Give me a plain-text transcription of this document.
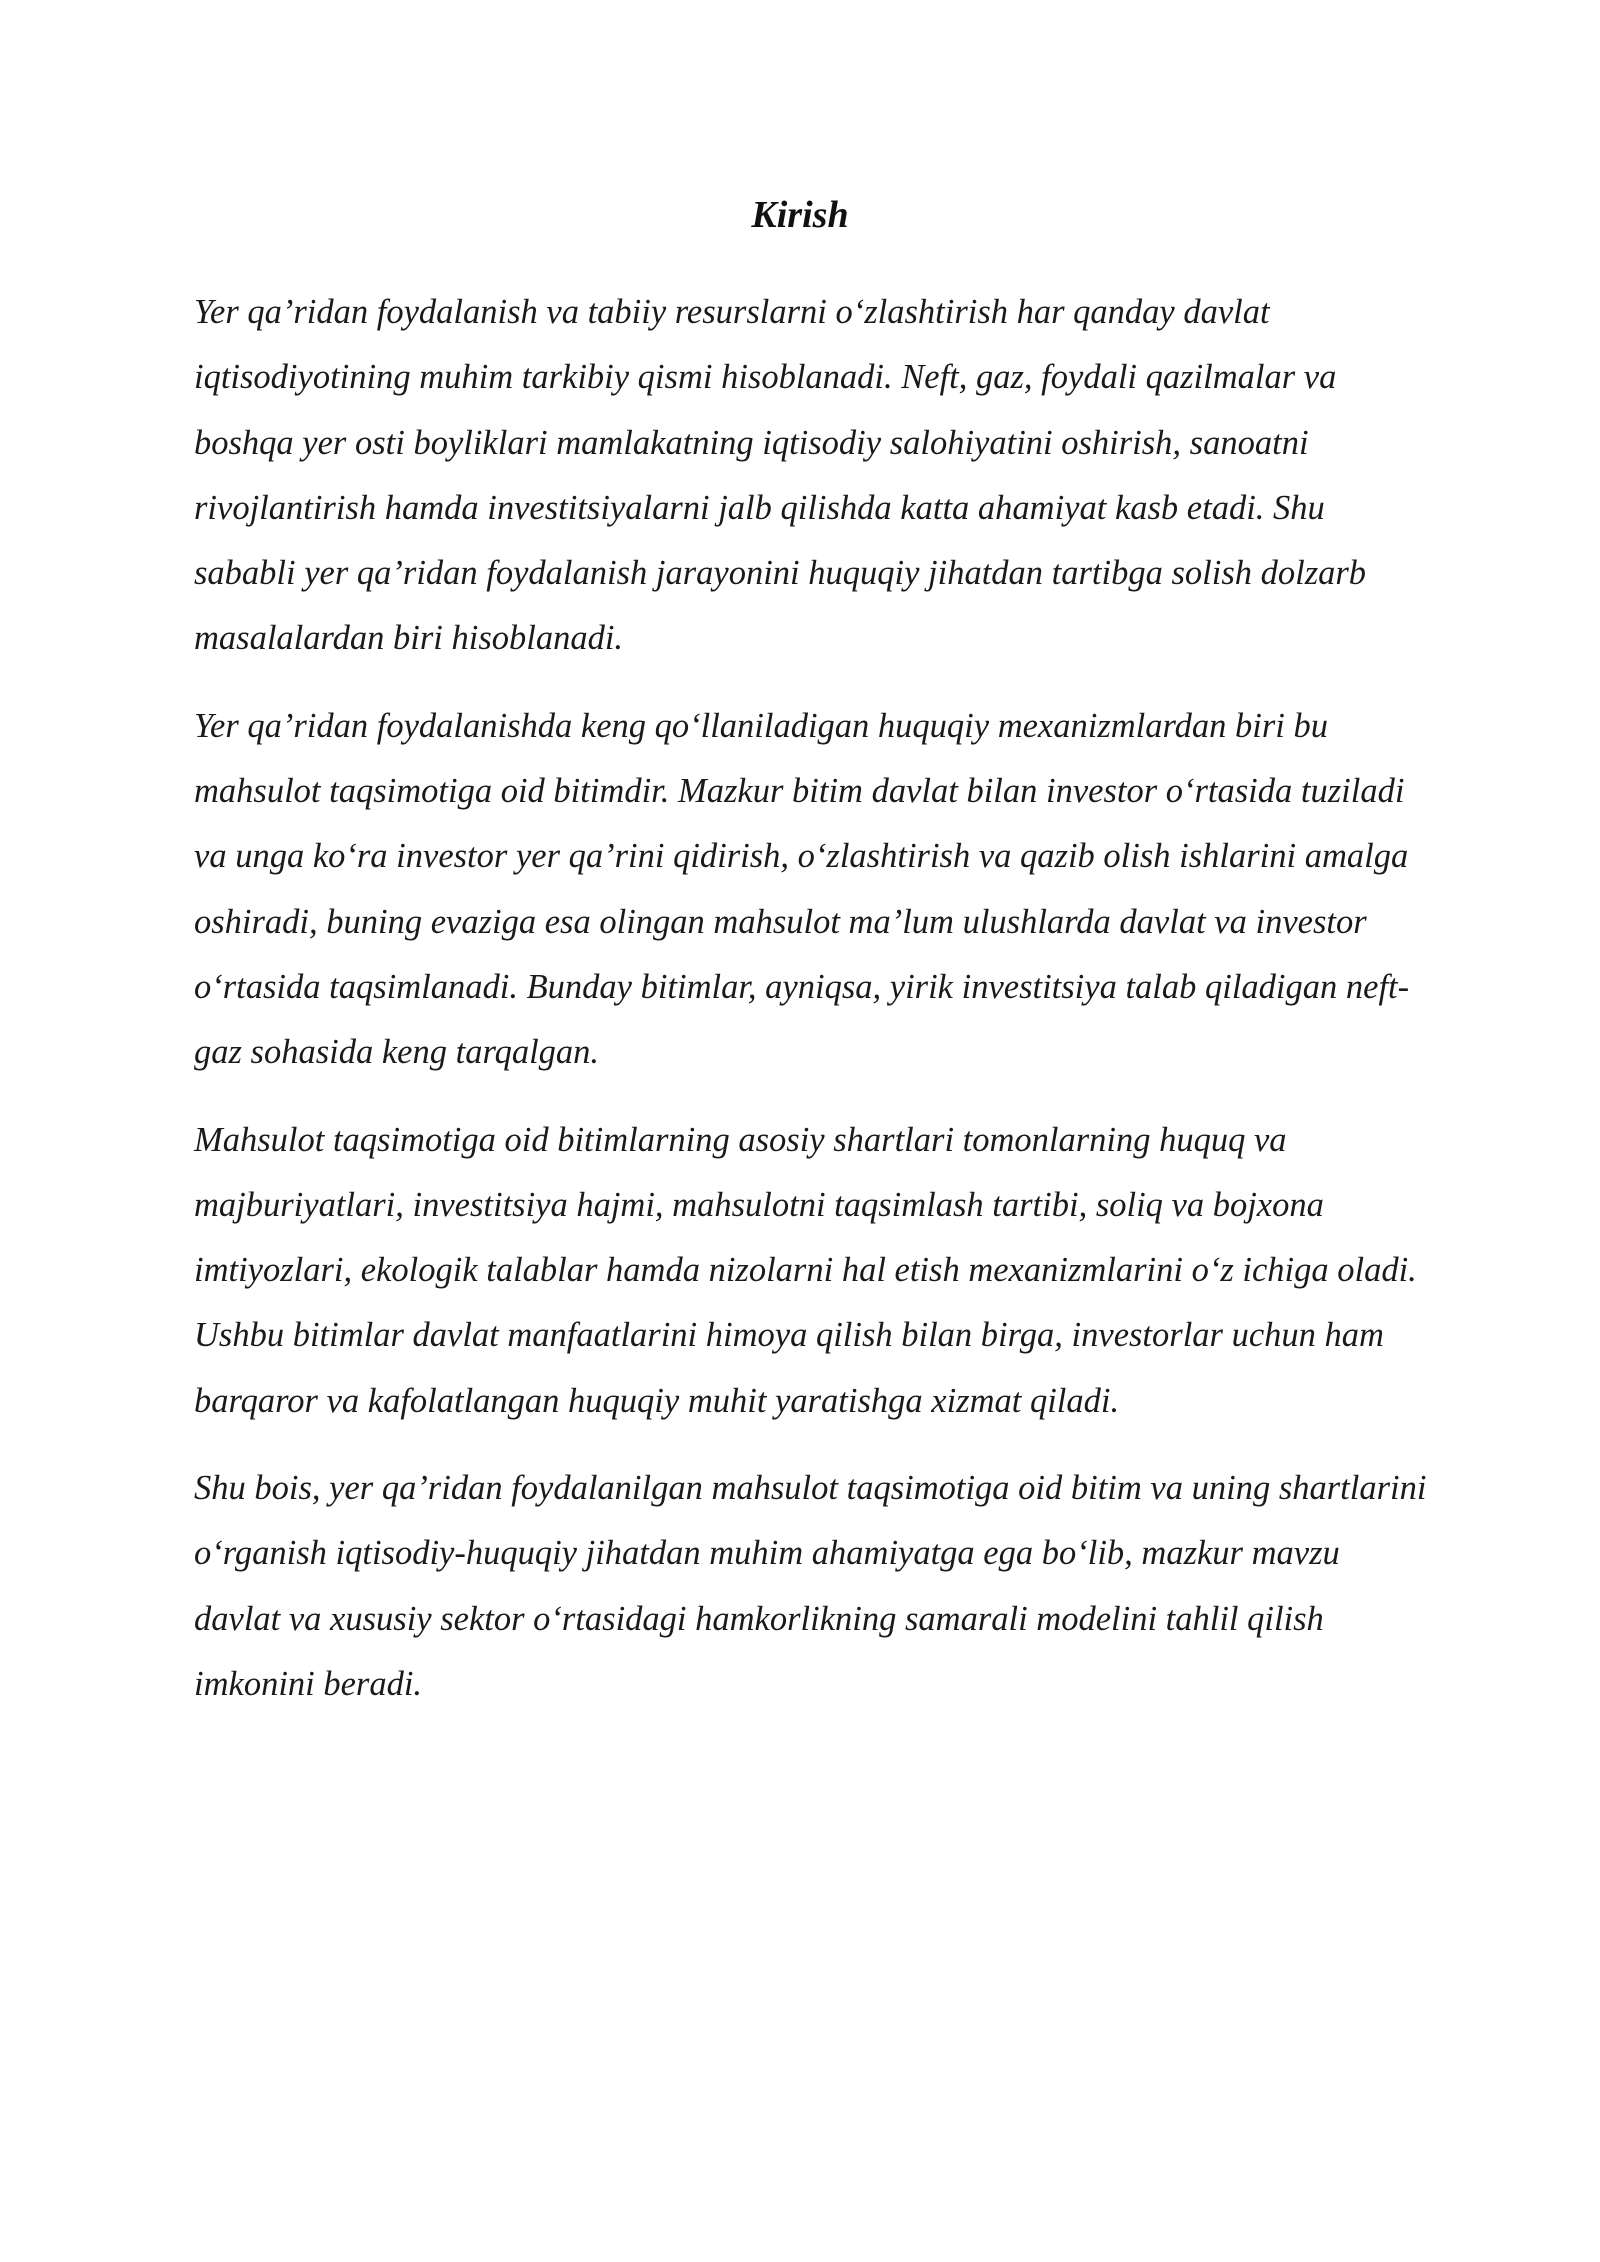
Kirish

Yer qa’ridan foydalanish va tabiiy resurslarni o‘zlashtirish har qanday davlat iqtisodiyotining muhim tarkibiy qismi hisoblanadi. Neft, gaz, foydali qazilmalar va boshqa yer osti boyliklari mamlakatning iqtisodiy salohiyatini oshirish, sanoatni rivojlantirish hamda investitsiyalarni jalb qilishda katta ahamiyat kasb etadi. Shu sababli yer qa’ridan foydalanish jarayonini huquqiy jihatdan tartibga solish dolzarb masalalardan biri hisoblanadi.

Yer qa’ridan foydalanishda keng qo‘llaniladigan huquqiy mexanizmlardan biri bu mahsulot taqsimotiga oid bitimdir. Mazkur bitim davlat bilan investor o‘rtasida tuziladi va unga ko‘ra investor yer qa’rini qidirish, o‘zlashtirish va qazib olish ishlarini amalga oshiradi, buning evaziga esa olingan mahsulot ma’lum ulushlarda davlat va investor o‘rtasida taqsimlanadi. Bunday bitimlar, ayniqsa, yirik investitsiya talab qiladigan neft-gaz sohasida keng tarqalgan.

Mahsulot taqsimotiga oid bitimlarning asosiy shartlari tomonlarning huquq va majburiyatlari, investitsiya hajmi, mahsulotni taqsimlash tartibi, soliq va bojxona imtiyozlari, ekologik talablar hamda nizolarni hal etish mexanizmlarini o‘z ichiga oladi. Ushbu bitimlar davlat manfaatlarini himoya qilish bilan birga, investorlar uchun ham barqaror va kafolatlangan huquqiy muhit yaratishga xizmat qiladi.

Shu bois, yer qa’ridan foydalanilgan mahsulot taqsimotiga oid bitim va uning shartlarini o‘rganish iqtisodiy-huquqiy jihatdan muhim ahamiyatga ega bo‘lib, mazkur mavzu davlat va xususiy sektor o‘rtasidagi hamkorlikning samarali modelini tahlil qilish imkonini beradi.
